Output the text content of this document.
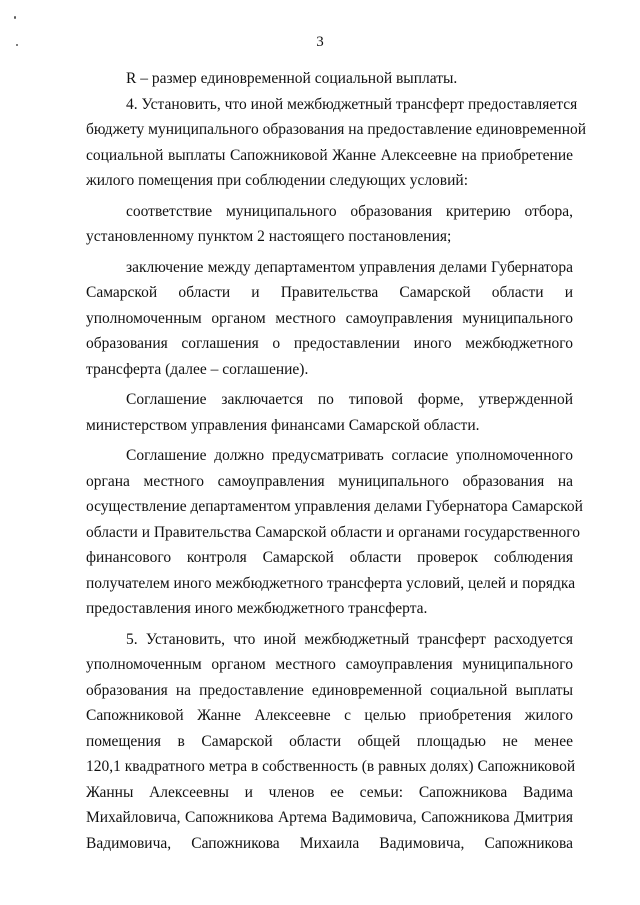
3
R – размер единовременной социальной выплаты.
4. Установить, что иной межбюджетный трансферт предоставляется
бюджету муниципального образования на предоставление единовременной
социальной выплаты Сапожниковой Жанне Алексеевне на приобретение
жилого помещения при соблюдении следующих условий:
соответствие муниципального образования критерию отбора,
установленному пунктом 2 настоящего постановления;
заключение между департаментом управления делами Губернатора
Самарской области и Правительства Самарской области и
уполномоченным органом местного самоуправления муниципального
образования соглашения о предоставлении иного межбюджетного
трансферта (далее – соглашение).
Соглашение заключается по типовой форме, утвержденной
министерством управления финансами Самарской области.
Соглашение должно предусматривать согласие уполномоченного
органа местного самоуправления муниципального образования на
осуществление департаментом управления делами Губернатора Самарской
области и Правительства Самарской области и органами государственного
финансового контроля Самарской области проверок соблюдения
получателем иного межбюджетного трансферта условий, целей и порядка
предоставления иного межбюджетного трансферта.
5. Установить, что иной межбюджетный трансферт расходуется
уполномоченным органом местного самоуправления муниципального
образования на предоставление единовременной социальной выплаты
Сапожниковой Жанне Алексеевне с целью приобретения жилого
помещения в Самарской области общей площадью не менее
120,1 квадратного метра в собственность (в равных долях) Сапожниковой
Жанны Алексеевны и членов ее семьи: Сапожникова Вадима
Михайловича, Сапожникова Артема Вадимовича, Сапожникова Дмитрия
Вадимовича, Сапожникова Михаила Вадимовича, Сапожникова
